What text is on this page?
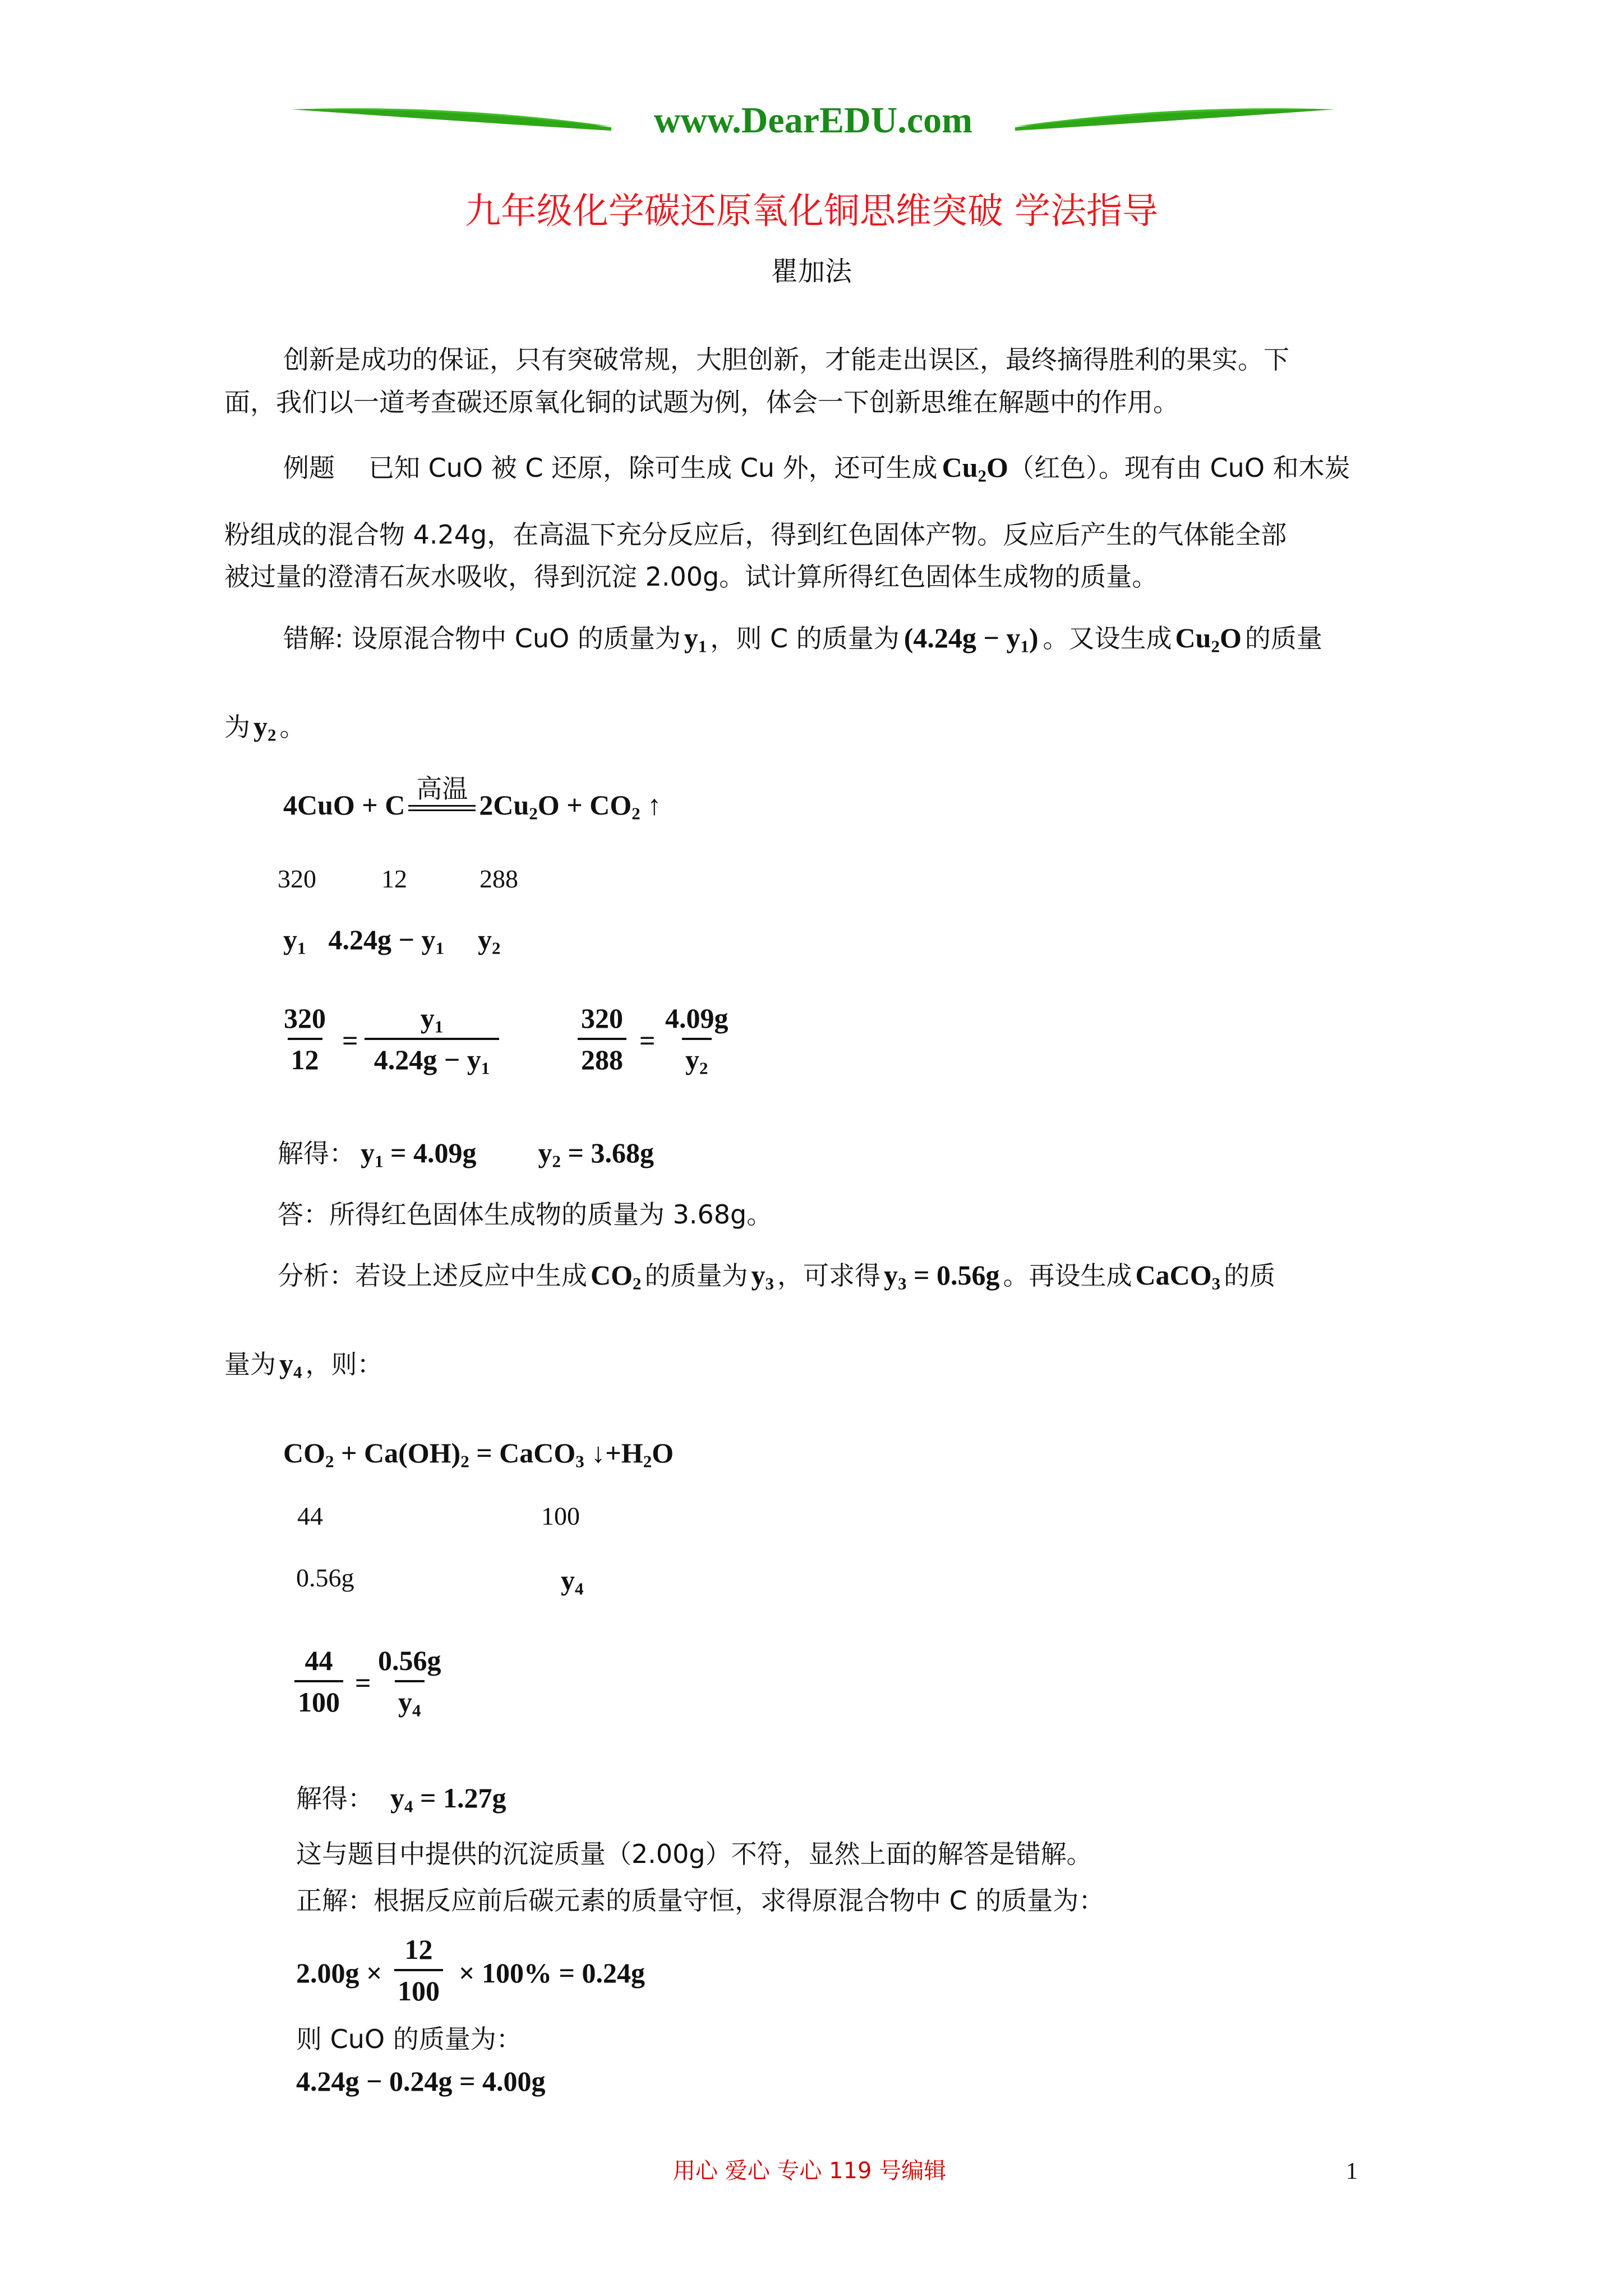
www.DearEDU.com
九年级化学碳还原氧化铜思维突破 学法指导
瞿加法
创新是成功的保证，只有突破常规，大胆创新，才能走出误区，最终摘得胜利的果实。下
面，我们以一道考查碳还原氧化铜的试题为例，体会一下创新思维在解题中的作用。
例题 已知 CuO 被 C 还原，除可生成 Cu 外，还可生成 $Cu_2O$ （红色）。现有由 CuO 和木炭
粉组成的混合物 4.24g，在高温下充分反应后，得到红色固体产物。反应后产生的气体能全部
被过量的澄清石灰水吸收，得到沉淀 2.00g。试计算所得红色固体生成物的质量。
错解: 设原混合物中 CuO 的质量为 $y_1$ ，则 C 的质量为 $(4.24g - y_1)$ 。又设生成 $Cu_2O$ 的质量
为 $y_2$ 。
4CuO + C
高温
$2Cu_2O + CO_2$ ↑
320	12	288
$y_1$ $4.24g - y_1$ $y_2$
$\frac{320}{12} = \frac{y_1}{4.24g - y_1}$	$\frac{320}{288} = \frac{4.09g}{y_2}$
解得： $y_1 = 4.09g$ $y_2 = 3.68g$
答：所得红色固体生成物的质量为 3.68g。
分析：若设上述反应中生成 $CO_2$ 的质量为 $y_3$ ，可求得 $y_3 = 0.56g$ 。再设生成 CaCO$_3$ 的质
量为 $y_4$ ，则：
$CO_2 + Ca(OH)_2$ = CaCO$_3$ $↓+H_2O$
44	100
0.56g	$y_4$
$\frac{44}{100} = \frac{0.56g}{y_4}$
解得： $y_4 = 1.27g$
这与题目中提供的沉淀质量（2.00g）不符，显然上面的解答是错解。
正解：根据反应前后碳元素的质量守恒，求得原混合物中 C 的质量为：
$2.00g \times \frac{12}{100} \times 100\% = 0.24g$
则 CuO 的质量为：
4.24g − 0.24g = 4.00g
用心 爱心 专心 119 号编辑	1
